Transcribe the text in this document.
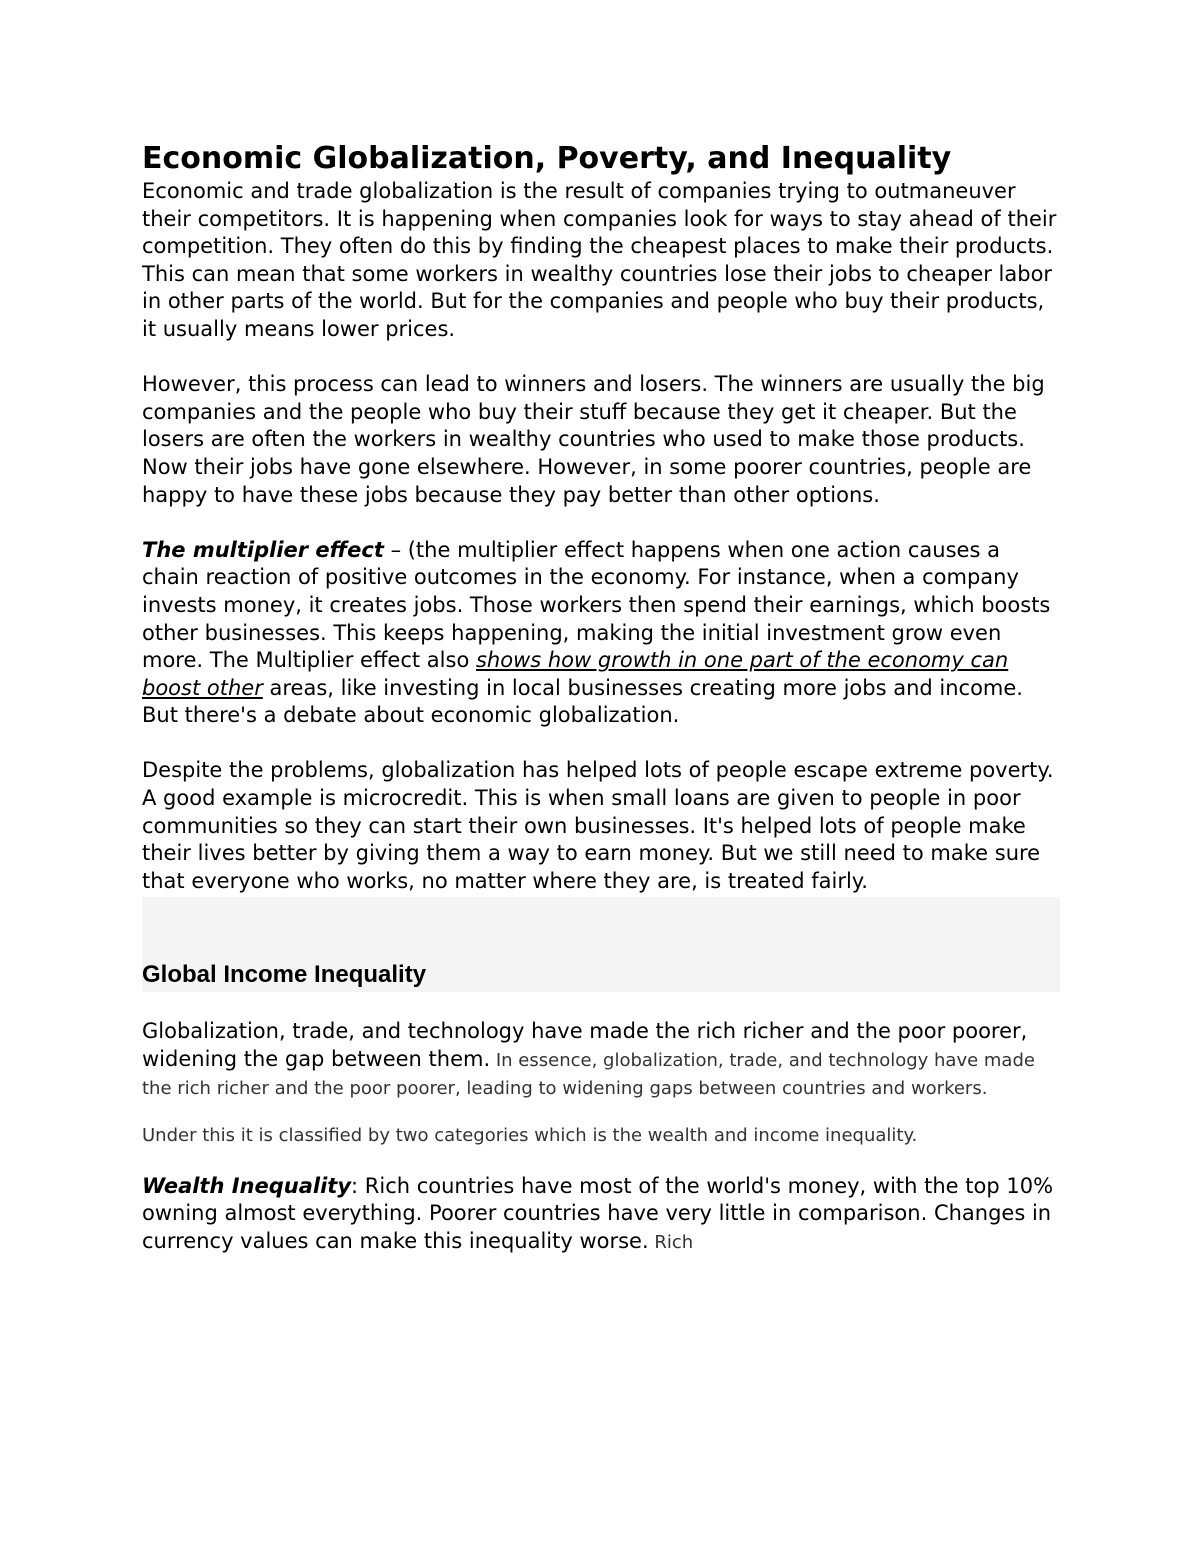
Economic Globalization, Poverty, and Inequality

Economic and trade globalization is the result of companies trying to outmaneuver their competitors. It is happening when companies look for ways to stay ahead of their competition. They often do this by finding the cheapest places to make their products. This can mean that some workers in wealthy countries lose their jobs to cheaper labor in other parts of the world. But for the companies and people who buy their products, it usually means lower prices.

However, this process can lead to winners and losers. The winners are usually the big companies and the people who buy their stuff because they get it cheaper. But the losers are often the workers in wealthy countries who used to make those products. Now their jobs have gone elsewhere. However, in some poorer countries, people are happy to have these jobs because they pay better than other options.

The multiplier effect – (the multiplier effect happens when one action causes a chain reaction of positive outcomes in the economy. For instance, when a company invests money, it creates jobs. Those workers then spend their earnings, which boosts other businesses. This keeps happening, making the initial investment grow even more. The Multiplier effect also shows how growth in one part of the economy can boost other areas, like investing in local businesses creating more jobs and income. But there's a debate about economic globalization.

Despite the problems, globalization has helped lots of people escape extreme poverty. A good example is microcredit. This is when small loans are given to people in poor communities so they can start their own businesses. It's helped lots of people make their lives better by giving them a way to earn money. But we still need to make sure that everyone who works, no matter where they are, is treated fairly.

Global Income Inequality

Globalization, trade, and technology have made the rich richer and the poor poorer, widening the gap between them. In essence, globalization, trade, and technology have made the rich richer and the poor poorer, leading to widening gaps between countries and workers.

Under this it is classified by two categories which is the wealth and income inequality.

Wealth Inequality: Rich countries have most of the world's money, with the top 10% owning almost everything. Poorer countries have very little in comparison. Changes in currency values can make this inequality worse. Rich
